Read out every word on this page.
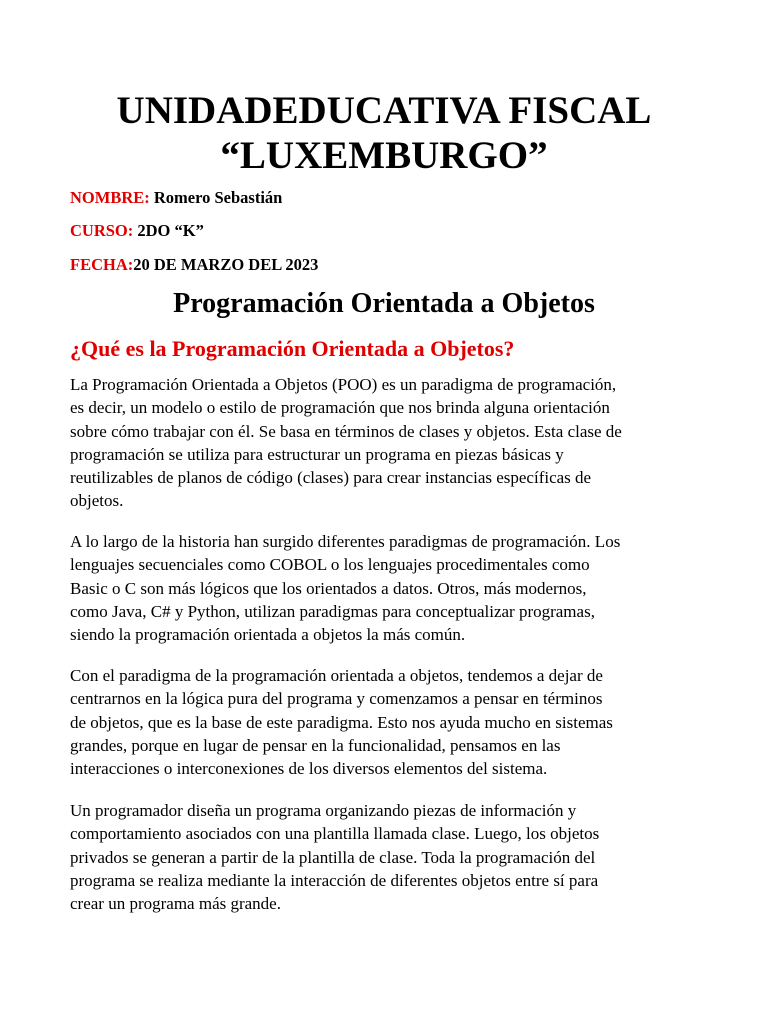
UNIDADEDUCATIVA FISCAL
“LUXEMBURGO”

NOMBRE: Romero Sebastián

CURSO: 2DO “K”

FECHA:20 DE MARZO DEL 2023

Programación Orientada a Objetos
¿Qué es la Programación Orientada a Objetos?

La Programación Orientada a Objetos (POO) es un paradigma de programación,
es decir, un modelo o estilo de programación que nos brinda alguna orientación
sobre cómo trabajar con él. Se basa en términos de clases y objetos. Esta clase de
programación se utiliza para estructurar un programa en piezas básicas y
reutilizables de planos de código (clases) para crear instancias específicas de
objetos.

A lo largo de la historia han surgido diferentes paradigmas de programación. Los
lenguajes secuenciales como COBOL o los lenguajes procedimentales como
Basic o C son más lógicos que los orientados a datos. Otros, más modernos,
como Java, C# y Python, utilizan paradigmas para conceptualizar programas,
siendo la programación orientada a objetos la más común.

Con el paradigma de la programación orientada a objetos, tendemos a dejar de
centrarnos en la lógica pura del programa y comenzamos a pensar en términos
de objetos, que es la base de este paradigma. Esto nos ayuda mucho en sistemas
grandes, porque en lugar de pensar en la funcionalidad, pensamos en las
interacciones o interconexiones de los diversos elementos del sistema.

Un programador diseña un programa organizando piezas de información y
comportamiento asociados con una plantilla llamada clase. Luego, los objetos
privados se generan a partir de la plantilla de clase. Toda la programación del
programa se realiza mediante la interacción de diferentes objetos entre sí para
crear un programa más grande.
